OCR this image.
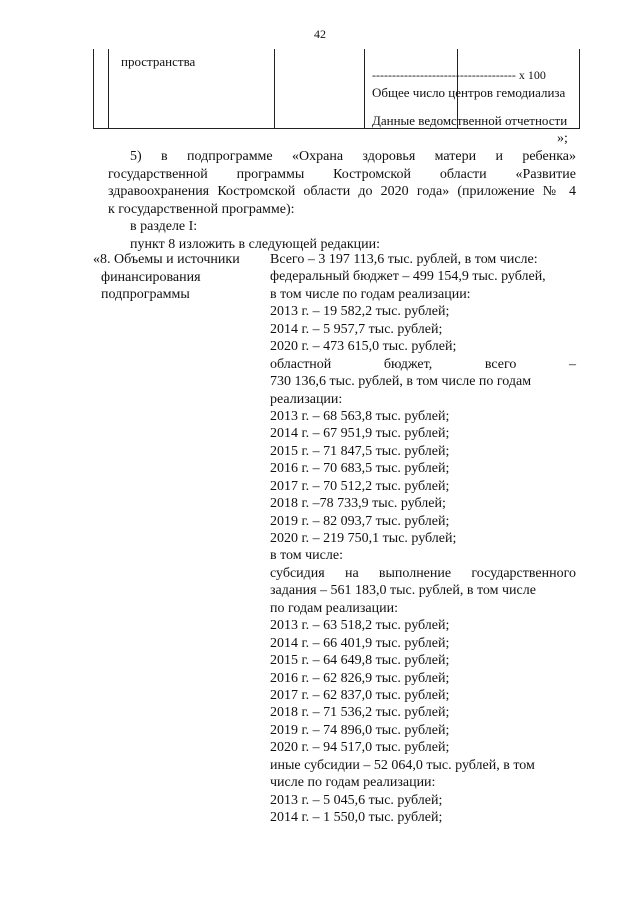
42
пространства
------------------------------------ х 100
Общее число центров гемодиализа
Данные ведомственной отчетности
»;
5) в подпрограмме «Охрана здоровья матери и ребенка»
государственной программы Костромской области «Развитие
здравоохранения Костромской области до 2020 года» (приложение № 4
к государственной программе):
в разделе I:
пункт 8 изложить в следующей редакции:
«8. Объемы и источники
финансирования
подпрограммы
Всего – 3 197 113,6 тыс. рублей, в том числе:
федеральный бюджет – 499 154,9 тыс. рублей,
в том числе по годам реализации:
2013 г. – 19 582,2 тыс. рублей;
2014 г. – 5 957,7 тыс. рублей;
2020 г. – 473 615,0 тыс. рублей;
областной бюджет, всего –
730 136,6 тыс. рублей, в том числе по годам
реализации:
2013 г. – 68 563,8 тыс. рублей;
2014 г. – 67 951,9 тыс. рублей;
2015 г. – 71 847,5 тыс. рублей;
2016 г. – 70 683,5 тыс. рублей;
2017 г. – 70 512,2 тыс. рублей;
2018 г. –78 733,9 тыс. рублей;
2019 г. – 82 093,7 тыс. рублей;
2020 г. – 219 750,1 тыс. рублей;
в том числе:
субсидия на выполнение государственного
задания – 561 183,0 тыс. рублей, в том числе
по годам реализации:
2013 г. – 63 518,2 тыс. рублей;
2014 г. – 66 401,9 тыс. рублей;
2015 г. – 64 649,8 тыс. рублей;
2016 г. – 62 826,9 тыс. рублей;
2017 г. – 62 837,0 тыс. рублей;
2018 г. – 71 536,2 тыс. рублей;
2019 г. – 74 896,0 тыс. рублей;
2020 г. – 94 517,0 тыс. рублей;
иные субсидии – 52 064,0 тыс. рублей, в том
числе по годам реализации:
2013 г. – 5 045,6 тыс. рублей;
2014 г. – 1 550,0 тыс. рублей;
